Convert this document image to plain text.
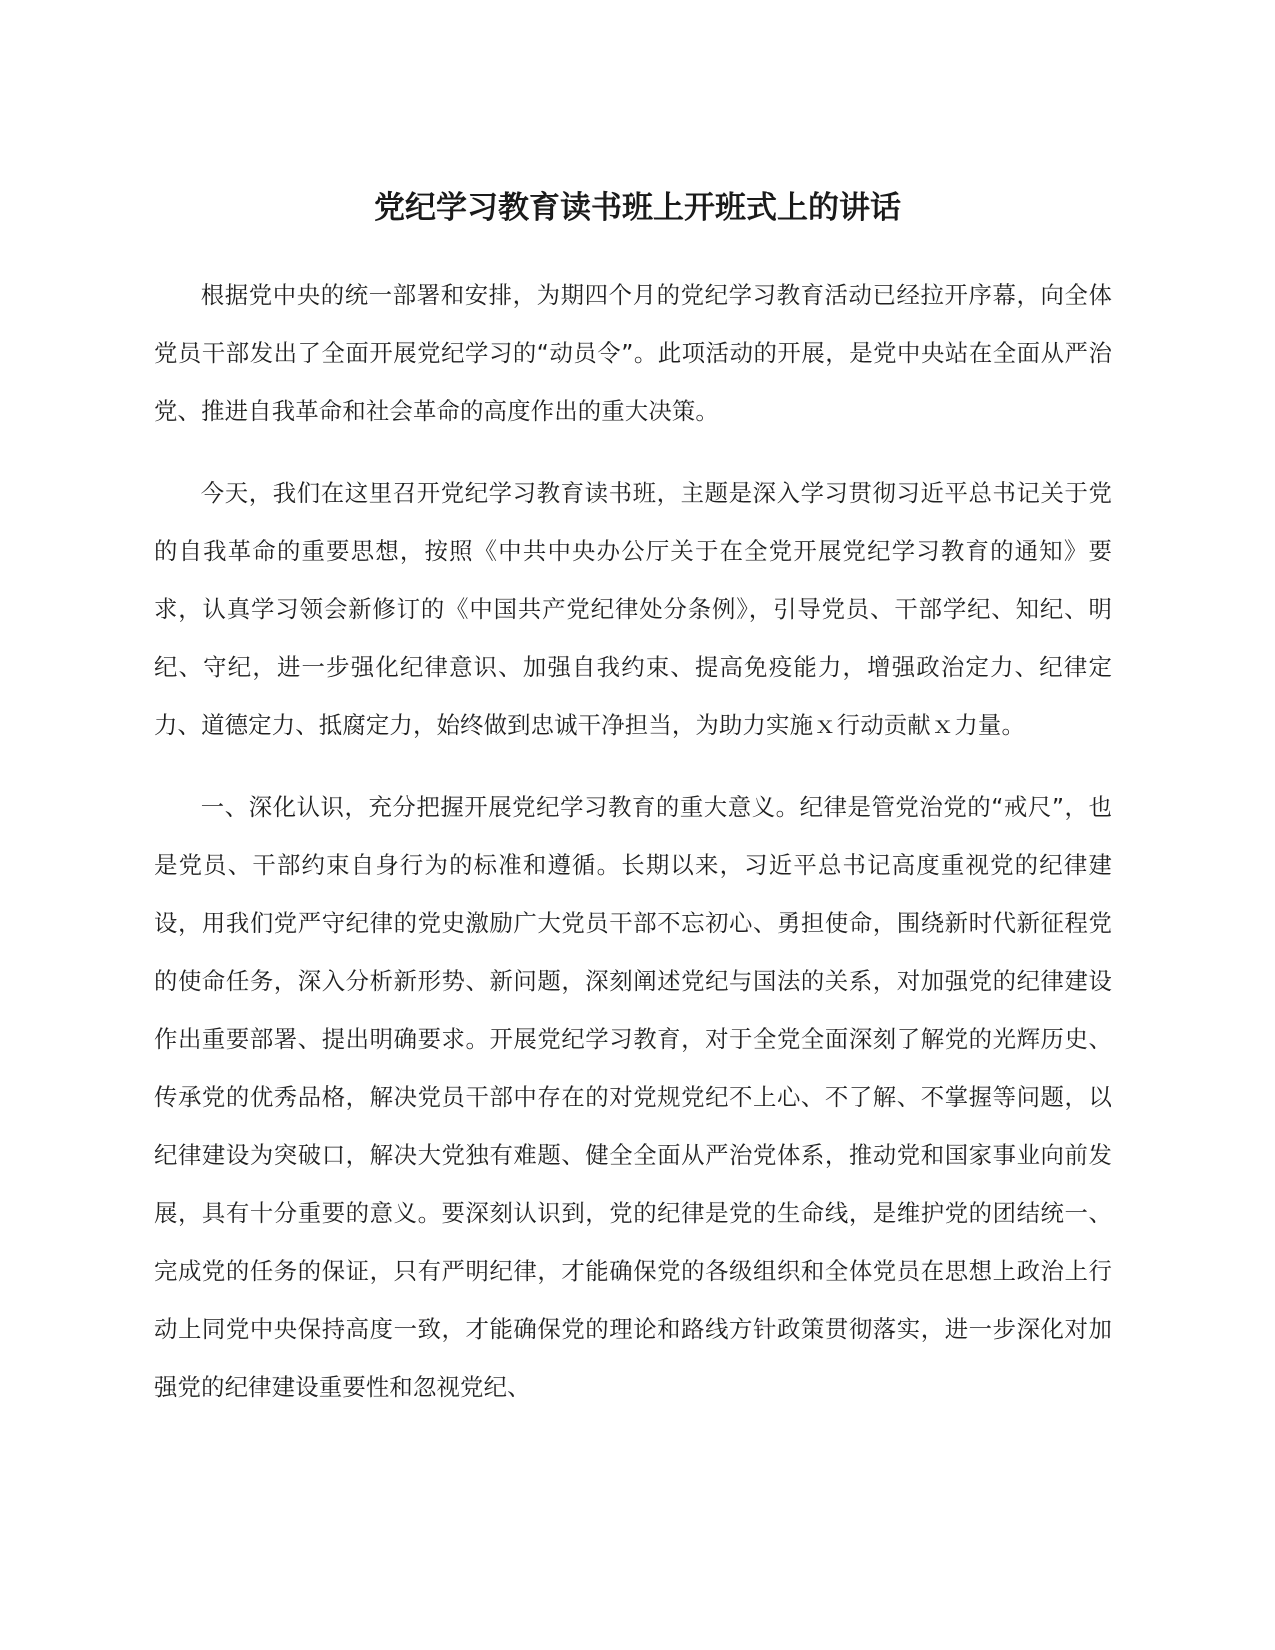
党纪学习教育读书班上开班式上的讲话

根据党中央的统一部署和安排，为期四个月的党纪学习教育活动已经拉开序幕，向全体党员干部发出了全面开展党纪学习的“动员令”。此项活动的开展，是党中央站在全面从严治党、推进自我革命和社会革命的高度作出的重大决策。

今天，我们在这里召开党纪学习教育读书班，主题是深入学习贯彻习近平总书记关于党的自我革命的重要思想，按照《中共中央办公厅关于在全党开展党纪学习教育的通知》要求，认真学习领会新修订的《中国共产党纪律处分条例》，引导党员、干部学纪、知纪、明纪、守纪，进一步强化纪律意识、加强自我约束、提高免疫能力，增强政治定力、纪律定力、道德定力、抵腐定力，始终做到忠诚干净担当，为助力实施ｘ行动贡献ｘ力量。

一、深化认识，充分把握开展党纪学习教育的重大意义。纪律是管党治党的“戒尺”，也是党员、干部约束自身行为的标准和遵循。长期以来，习近平总书记高度重视党的纪律建设，用我们党严守纪律的党史激励广大党员干部不忘初心、勇担使命，围绕新时代新征程党的使命任务，深入分析新形势、新问题，深刻阐述党纪与国法的关系，对加强党的纪律建设作出重要部署、提出明确要求。开展党纪学习教育，对于全党全面深刻了解党的光辉历史、传承党的优秀品格，解决党员干部中存在的对党规党纪不上心、不了解、不掌握等问题，以纪律建设为突破口，解决大党独有难题、健全全面从严治党体系，推动党和国家事业向前发展，具有十分重要的意义。要深刻认识到，党的纪律是党的生命线，是维护党的团结统一、完成党的任务的保证，只有严明纪律，才能确保党的各级组织和全体党员在思想上政治上行动上同党中央保持高度一致，才能确保党的理论和路线方针政策贯彻落实，进一步深化对加强党的纪律建设重要性和忽视党纪、
